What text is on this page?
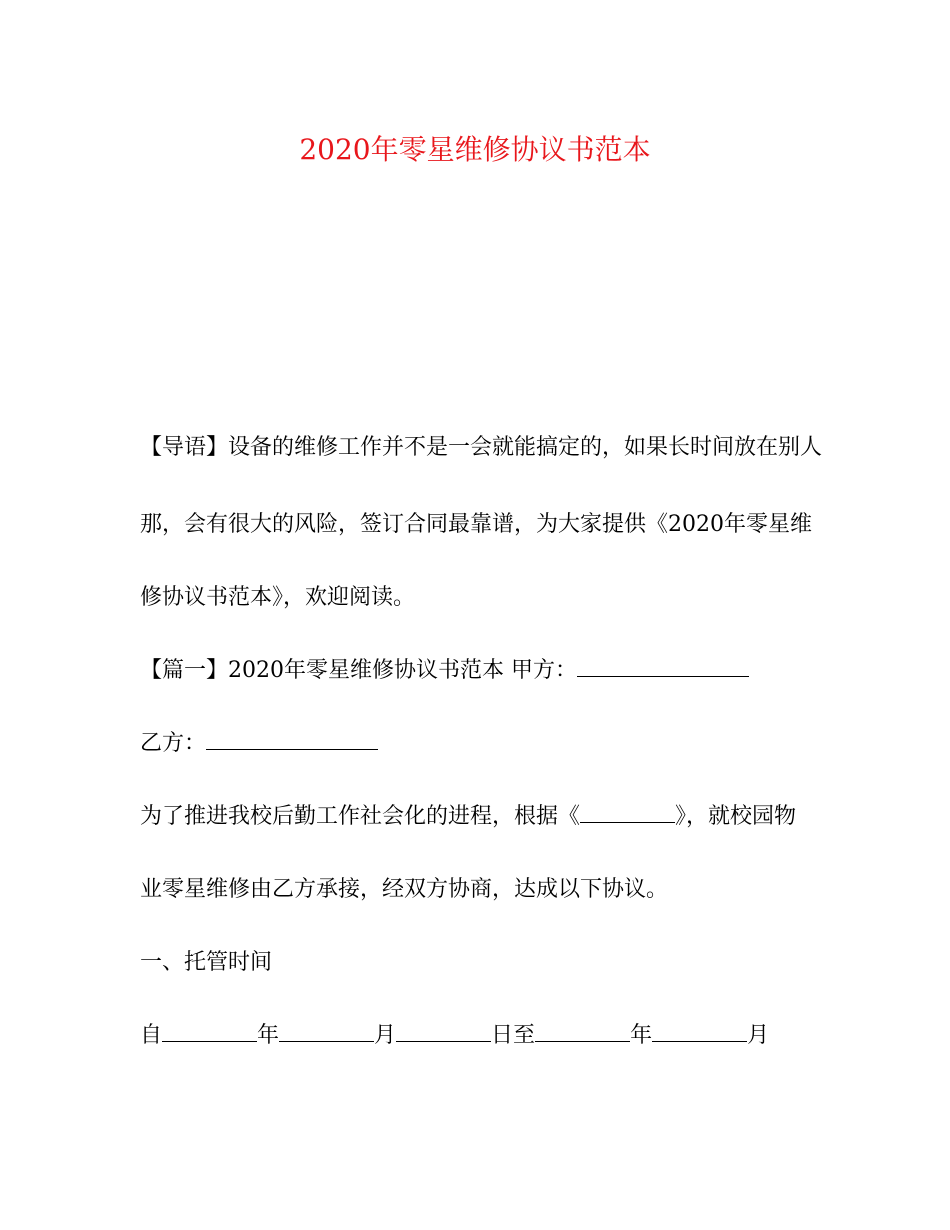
2020年零星维修协议书范本

【导语】设备的维修工作并不是一会就能搞定的，如果长时间放在别人

那，会有很大的风险，签订合同最靠谱，为大家提供《2020年零星维

修协议书范本》，欢迎阅读。

【篇一】2020年零星维修协议书范本 甲方：

乙方：

为了推进我校后勤工作社会化的进程，根据《	》，就校园物

业零星维修由乙方承接，经双方协商，达成以下协议。

一、托管时间

自	年	月	日至	年	月
